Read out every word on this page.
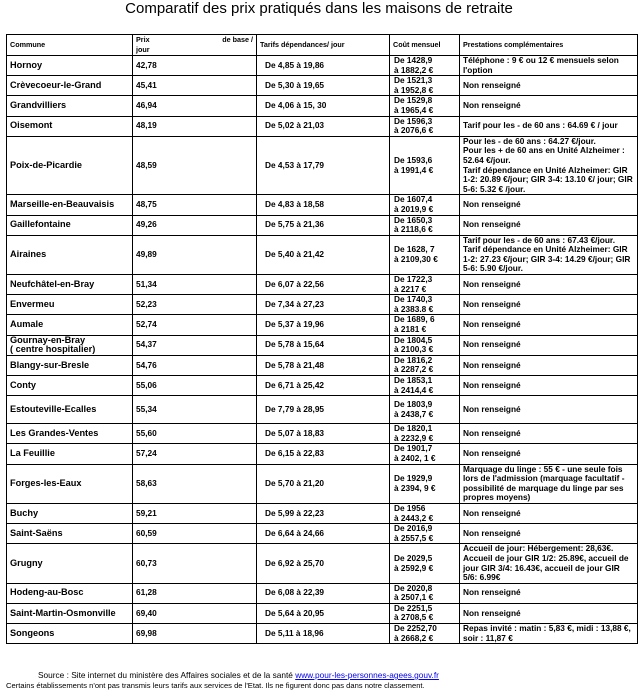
Comparatif des prix pratiqués dans les maisons de retraite
Commune	Prix de base /
jour	Tarifs dépendances/ jour	Coût mensuel	Prestations complémentaires
Hornoy	42,78	De 4,85 à 19,86	De 1428,9
à 1882,2 €	Téléphone : 9 € ou 12 € mensuels selon l'option
Crèvecoeur-le-Grand	45,41	De 5,30 à 19,65	De 1521,3
à 1952,8 €	Non renseigné
Grandvilliers	46,94	De 4,06 à 15, 30	De 1529,8
à 1965,4 €	Non renseigné
Oisemont	48,19	De 5,02 à 21,03	De 1596,3
à 2076,6 €	Tarif pour les - de 60 ans : 64.69 € / jour
Poix-de-Picardie	48,59	De 4,53 à 17,79	De 1593,6
à 1991,4 €	Pour les - de 60 ans : 64.27 €/jour.
Pour les + de 60 ans en Unité Alzheimer : 52.64 €/jour.
Tarif dépendance en Unité Alzheimer: GIR 1-2: 20.89 €/jour; GIR 3-4: 13.10 €/ jour; GIR 5-6: 5.32 € /jour.
Marseille-en-Beauvaisis	48,75	De 4,83 à 18,58	De 1607,4
à 2019,9 €	Non renseigné
Gaillefontaine	49,26	De 5,75 à 21,36	De 1650,3
à 2118,6 €	Non renseigné
Airaines	49,89	De 5,40 à 21,42	De 1628, 7
à 2109,30 €	Tarif pour les - de 60 ans : 67.43 €/jour.
Tarif dépendance en Unité Alzheimer: GIR 1-2: 27.23 €/jour; GIR 3-4: 14.29 €/jour; GIR 5-6: 5.90 €/jour.
Neufchâtel-en-Bray	51,34	De 6,07 à 22,56	De 1722,3
à 2217 €	Non renseigné
Envermeu	52,23	De 7,34 à 27,23	De 1740,3
à 2383.8 €	Non renseigné
Aumale	52,74	De 5,37 à 19,96	De 1689, 6
à 2181 €	Non renseigné
Gournay-en-Bray
( centre hospitalier)	54,37	De 5,78 à 15,64	De 1804,5
à 2100,3 €	Non renseigné
Blangy-sur-Bresle	54,76	De 5,78 à 21,48	De 1816,2
à 2287,2 €	Non renseigné
Conty	55,06	De 6,71 à 25,42	De 1853,1
à 2414,4 €	Non renseigné
Estouteville-Ecalles	55,34	De 7,79 à 28,95	De 1803,9
à 2438,7 €	Non renseigné
Les Grandes-Ventes	55,60	De 5,07 à 18,83	De 1820,1
à 2232,9 €	Non renseigné
La Feuillie	57,24	De 6,15 à 22,83	De 1901,7
à 2402, 1 €	Non renseigné
Forges-les-Eaux	58,63	De 5,70 à 21,20	De 1929,9
à 2394, 9 €	Marquage du linge : 55 € - une seule fois lors de l'admission (marquage facultatif - possibilité de marquage du linge par ses propres moyens)
Buchy	59,21	De 5,99 à 22,23	De 1956
à 2443,2 €	Non renseigné
Saint-Saëns	60,59	De 6,64 à 24,66	De 2016,9
à 2557,5 €	Non renseigné
Grugny	60,73	De 6,92 à 25,70	De 2029,5
à 2592,9 €	Accueil de jour: Hébergement: 28,63€.
Accueil de jour GIR 1/2: 25.89€, accueil de jour GIR 3/4: 16.43€, accueil de jour GIR 5/6: 6.99€
Hodeng-au-Bosc	61,28	De 6,08 à 22,39	De 2020,8
à 2507,1 €	Non renseigné
Saint-Martin-Osmonville	69,40	De 5,64 à 20,95	De 2251,5
à 2708,5 €	Non renseigné
Songeons	69,98	De 5,11 à 18,96	De 2252,70
à 2668,2 €	Repas invité : matin : 5,83 €, midi : 13,88 €, soir : 11,87 €
Source : Site internet du ministère des Affaires sociales et de la santé www.pour-les-personnes-agees.gouv.fr
Certains établissements n'ont pas transmis leurs tarifs aux services de l'Etat. Ils ne figurent donc pas dans notre classement.
